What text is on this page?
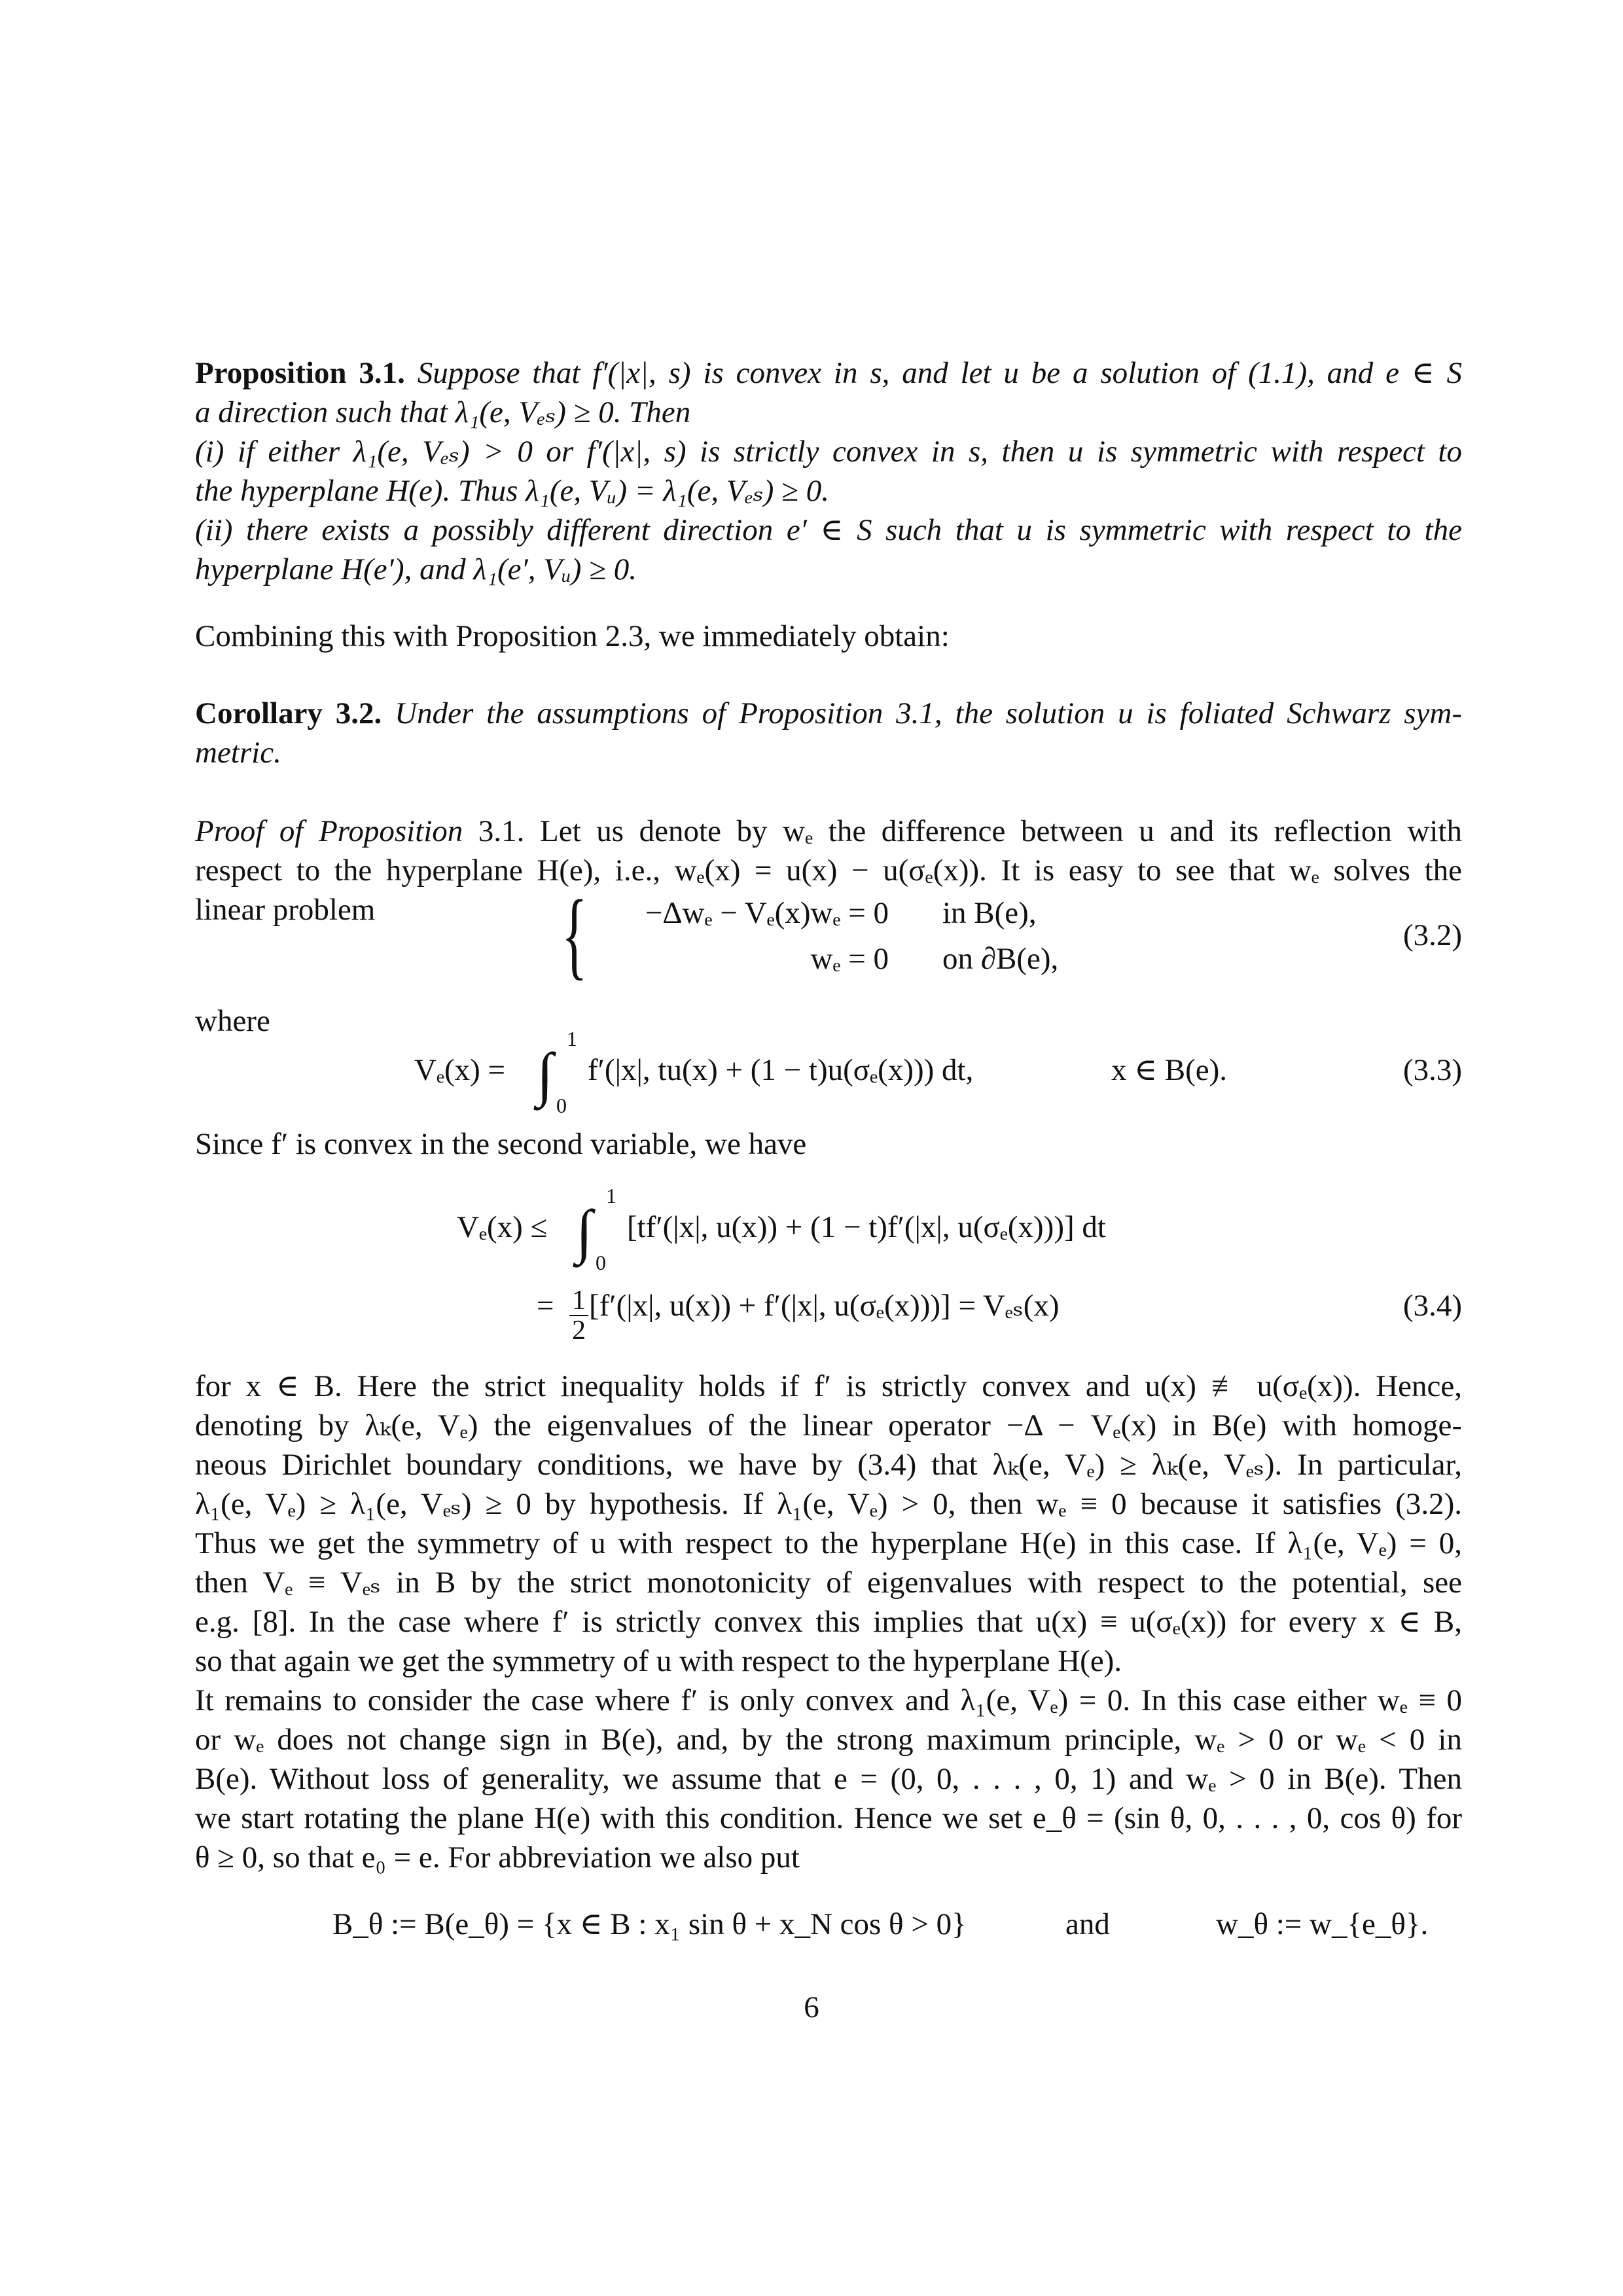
Proposition 3.1. Suppose that f′(|x|, s) is convex in s, and let u be a solution of (1.1), and e ∈ S
a direction such that λ₁(e, Vₑₛ) ≥ 0. Then
(i) if either λ₁(e, Vₑₛ) > 0 or f′(|x|, s) is strictly convex in s, then u is symmetric with respect to
the hyperplane H(e). Thus λ₁(e, Vᵤ) = λ₁(e, Vₑₛ) ≥ 0.
(ii) there exists a possibly different direction e′ ∈ S such that u is symmetric with respect to the
hyperplane H(e′), and λ₁(e′, Vᵤ) ≥ 0.
Combining this with Proposition 2.3, we immediately obtain:
Corollary 3.2. Under the assumptions of Proposition 3.1, the solution u is foliated Schwarz sym-
metric.
Proof of Proposition 3.1. Let us denote by wₑ the difference between u and its reflection with
respect to the hyperplane H(e), i.e., wₑ(x) = u(x) − u(σₑ(x)). It is easy to see that wₑ solves the
linear problem	{	−Δwₑ − Vₑ(x)wₑ = 0 in B(e),
wₑ = 0 on ∂B(e),
(3.2)
where
Vₑ(x) = ∫
1
0
f′(|x|, tu(x) + (1 − t)u(σₑ(x))) dt,	x ∈ B(e).	(3.3)
Since f′ is convex in the second variable, we have
Vₑ(x) ≤ ∫
1
0
[tf′(|x|, u(x)) + (1 − t)f′(|x|, u(σₑ(x)))] dt
= $\frac{1}{2} [f'(|x|$, u(x)) + f′(|x|, u(σₑ(x)))] = Vₑₛ(x)	(3.4)
for x ∈ B. Here the strict inequality holds if f′ is strictly convex and u(x) ≢ u(σₑ(x)). Hence,
denoting by λₖ(e, Vₑ) the eigenvalues of the linear operator −Δ − Vₑ(x) in B(e) with homoge-
neous Dirichlet boundary conditions, we have by (3.4) that λₖ(e, Vₑ) ≥ λₖ(e, Vₑₛ). In particular,
λ₁(e, Vₑ) ≥ λ₁(e, Vₑₛ) ≥ 0 by hypothesis. If λ₁(e, Vₑ) > 0, then wₑ ≡ 0 because it satisfies (3.2).
Thus we get the symmetry of u with respect to the hyperplane H(e) in this case. If λ₁(e, Vₑ) = 0,
then Vₑ ≡ Vₑₛ in B by the strict monotonicity of eigenvalues with respect to the potential, see
e.g. [8]. In the case where f′ is strictly convex this implies that u(x) ≡ u(σₑ(x)) for every x ∈ B,
so that again we get the symmetry of u with respect to the hyperplane H(e).
It remains to consider the case where f′ is only convex and λ₁(e, Vₑ) = 0. In this case either wₑ ≡ 0
or wₑ does not change sign in B(e), and, by the strong maximum principle, wₑ > 0 or wₑ < 0 in
B(e). Without loss of generality, we assume that e = (0, 0, . . . , 0, 1) and wₑ > 0 in B(e). Then
we start rotating the plane H(e) with this condition. Hence we set e_θ = (sin θ, 0, . . . , 0, cos θ) for
θ ≥ 0, so that e₀ = e. For abbreviation we also put
B_θ := B(e_θ) = {x ∈ B : x₁ sin θ + x_N cos θ > 0}	and	w_θ := w_{e_θ}.
6
